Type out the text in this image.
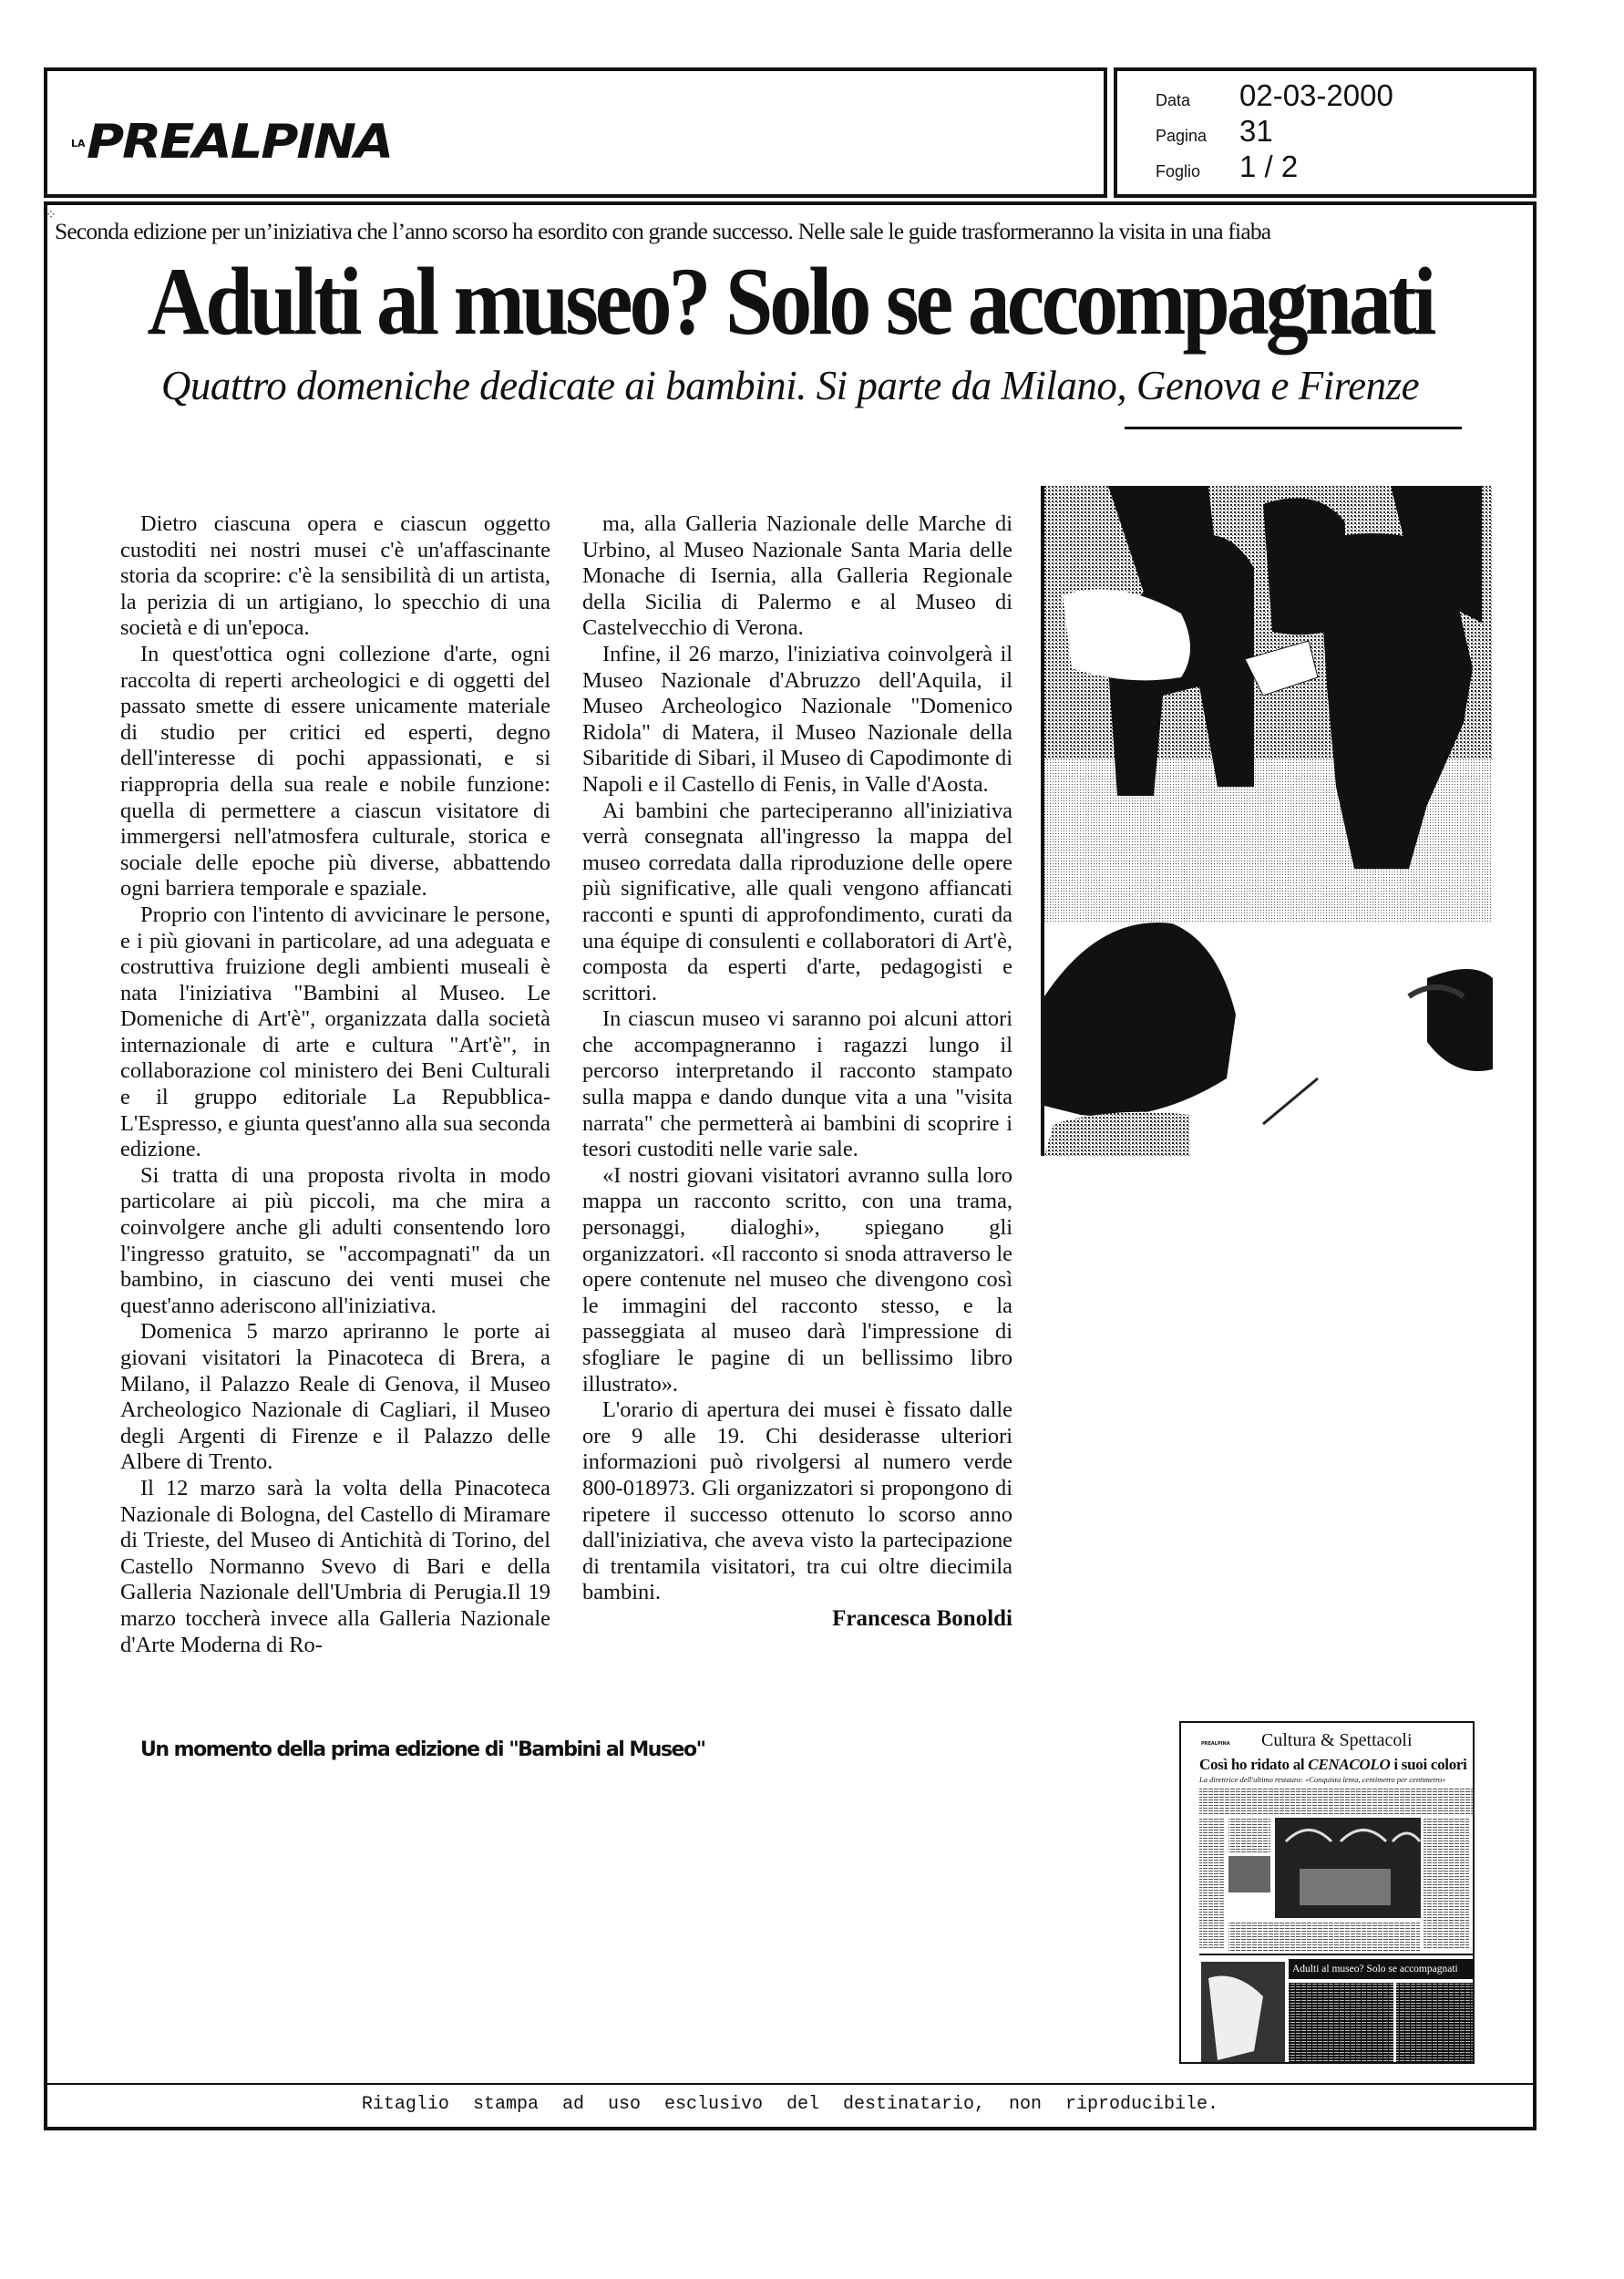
LA PREALPINA
Data	02-03-2000
Pagina	31
Foglio	1 / 2
⁘
Seconda edizione per un’iniziativa che l’anno scorso ha esordito con grande successo. Nelle sale le guide trasformeranno la visita in una fiaba
Adulti al museo? Solo se accompagnati
Quattro domeniche dedicate ai bambini. Si parte da Milano, Genova e Firenze

Dietro ciascuna opera e ciascun oggetto custoditi nei nostri musei c'è un'affascinante storia da scoprire: c'è la sensibilità di un artista, la perizia di un artigiano, lo specchio di una società e di un'epoca.

In quest'ottica ogni collezione d'arte, ogni raccolta di reperti archeologici e di oggetti del passato smette di essere unicamente materiale di studio per critici ed esperti, degno dell'interesse di pochi appassionati, e si riappropria della sua reale e nobile funzione: quella di permettere a ciascun visitatore di immergersi nell'atmosfera culturale, storica e sociale delle epoche più diverse, abbattendo ogni barriera temporale e spaziale.

Proprio con l'intento di avvicinare le persone, e i più giovani in particolare, ad una adeguata e costruttiva fruizione degli ambienti museali è nata l'iniziativa "Bambini al Museo. Le Domeniche di Art'è", organizzata dalla società internazionale di arte e cultura "Art'è", in collaborazione col ministero dei Beni Culturali e il gruppo editoriale La Repubblica-L'Espresso, e giunta quest'anno alla sua seconda edizione.

Si tratta di una proposta rivolta in modo particolare ai più piccoli, ma che mira a coinvolgere anche gli adulti consentendo loro l'ingresso gratuito, se "accompagnati" da un bambino, in ciascuno dei venti musei che quest'anno aderiscono all'iniziativa.

Domenica 5 marzo apriranno le porte ai giovani visitatori la Pinacoteca di Brera, a Milano, il Palazzo Reale di Genova, il Museo Archeologico Nazionale di Cagliari, il Museo degli Argenti di Firenze e il Palazzo delle Albere di Trento.

Il 12 marzo sarà la volta della Pinacoteca Nazionale di Bologna, del Castello di Miramare di Trieste, del Museo di Antichità di Torino, del Castello Normanno Svevo di Bari e della Galleria Nazionale dell'Umbria di Perugia.Il 19 marzo toccherà invece alla Galleria Nazionale d'Arte Moderna di Ro-

ma, alla Galleria Nazionale delle Marche di Urbino, al Museo Nazionale Santa Maria delle Monache di Isernia, alla Galleria Regionale della Sicilia di Palermo e al Museo di Castelvecchio di Verona.

Infine, il 26 marzo, l'iniziativa coinvolgerà il Museo Nazionale d'Abruzzo dell'Aquila, il Museo Archeologico Nazionale "Domenico Ridola" di Matera, il Museo Nazionale della Sibaritide di Sibari, il Museo di Capodimonte di Napoli e il Castello di Fenis, in Valle d'Aosta.

Ai bambini che parteciperanno all'iniziativa verrà consegnata all'ingresso la mappa del museo corredata dalla riproduzione delle opere più significative, alle quali vengono affiancati racconti e spunti di approfondimento, curati da una équipe di consulenti e collaboratori di Art'è, composta da esperti d'arte, pedagogisti e scrittori.

In ciascun museo vi saranno poi alcuni attori che accompagneranno i ragazzi lungo il percorso interpretando il racconto stampato sulla mappa e dando dunque vita a una "visita narrata" che permetterà ai bambini di scoprire i tesori custoditi nelle varie sale.

«I nostri giovani visitatori avranno sulla loro mappa un racconto scritto, con una trama, personaggi, dialoghi», spiegano gli organizzatori. «Il racconto si snoda attraverso le opere contenute nel museo che divengono così le immagini del racconto stesso, e la passeggiata al museo darà l'impressione di sfogliare le pagine di un bellissimo libro illustrato».

L'orario di apertura dei musei è fissato dalle ore 9 alle 19. Chi desiderasse ulteriori informazioni può rivolgersi al numero verde 800-018973. Gli organizzatori si propongono di ripetere il successo ottenuto lo scorso anno dall'iniziativa, che aveva visto la partecipazione di trentamila visitatori, tra cui oltre diecimila bambini.

Francesca Bonoldi

Un momento della prima edizione di "Bambini al Museo"	PREALPINA Cultura & Spettacoli
Così ho ridato al CENACOLO i suoi colori
La direttrice dell'ultimo restauro: «Conquista lenta, centimetro per centimetro»
Adulti al museo? Solo se accompagnati
Ritaglio stampa ad uso esclusivo del destinatario, non riproducibile.
